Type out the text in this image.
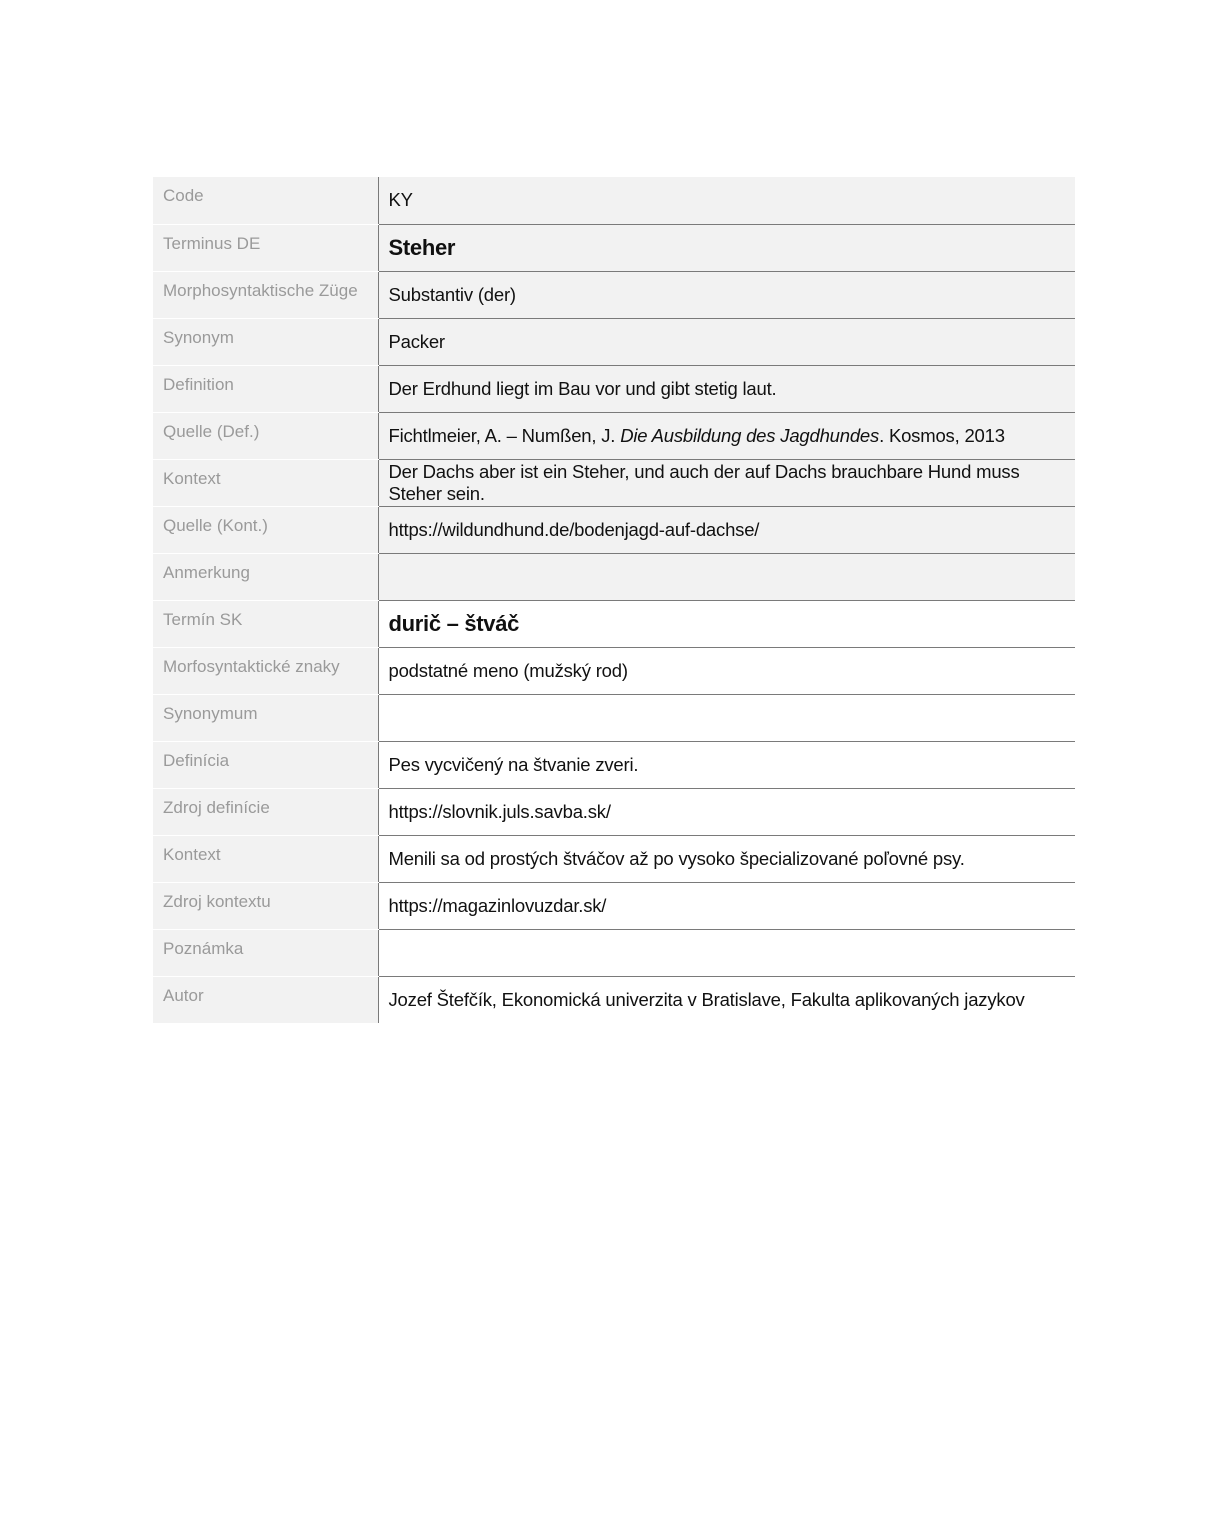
Code	KY
Terminus DE	Steher
Morphosyntaktische Züge	Substantiv (der)
Synonym	Packer
Definition	Der Erdhund liegt im Bau vor und gibt stetig laut.
Quelle (Def.)	Fichtlmeier, A. – Numßen, J. Die Ausbildung des Jagdhundes. Kosmos, 2013
Kontext	Der Dachs aber ist ein Steher, und auch der auf Dachs brauchbare Hund muss Steher sein.
Quelle (Kont.)	https://wildundhund.de/bodenjagd-auf-dachse/
Anmerkung	
Termín SK	durič – štváč
Morfosyntaktické znaky	podstatné meno (mužský rod)
Synonymum	
Definícia	Pes vycvičený na štvanie zveri.
Zdroj definície	https://slovnik.juls.savba.sk/
Kontext	Menili sa od prostých štváčov až po vysoko špecializované poľovné psy.
Zdroj kontextu	https://magazinlovuzdar.sk/
Poznámka	
Autor	Jozef Štefčík, Ekonomická univerzita v Bratislave, Fakulta aplikovaných jazykov
